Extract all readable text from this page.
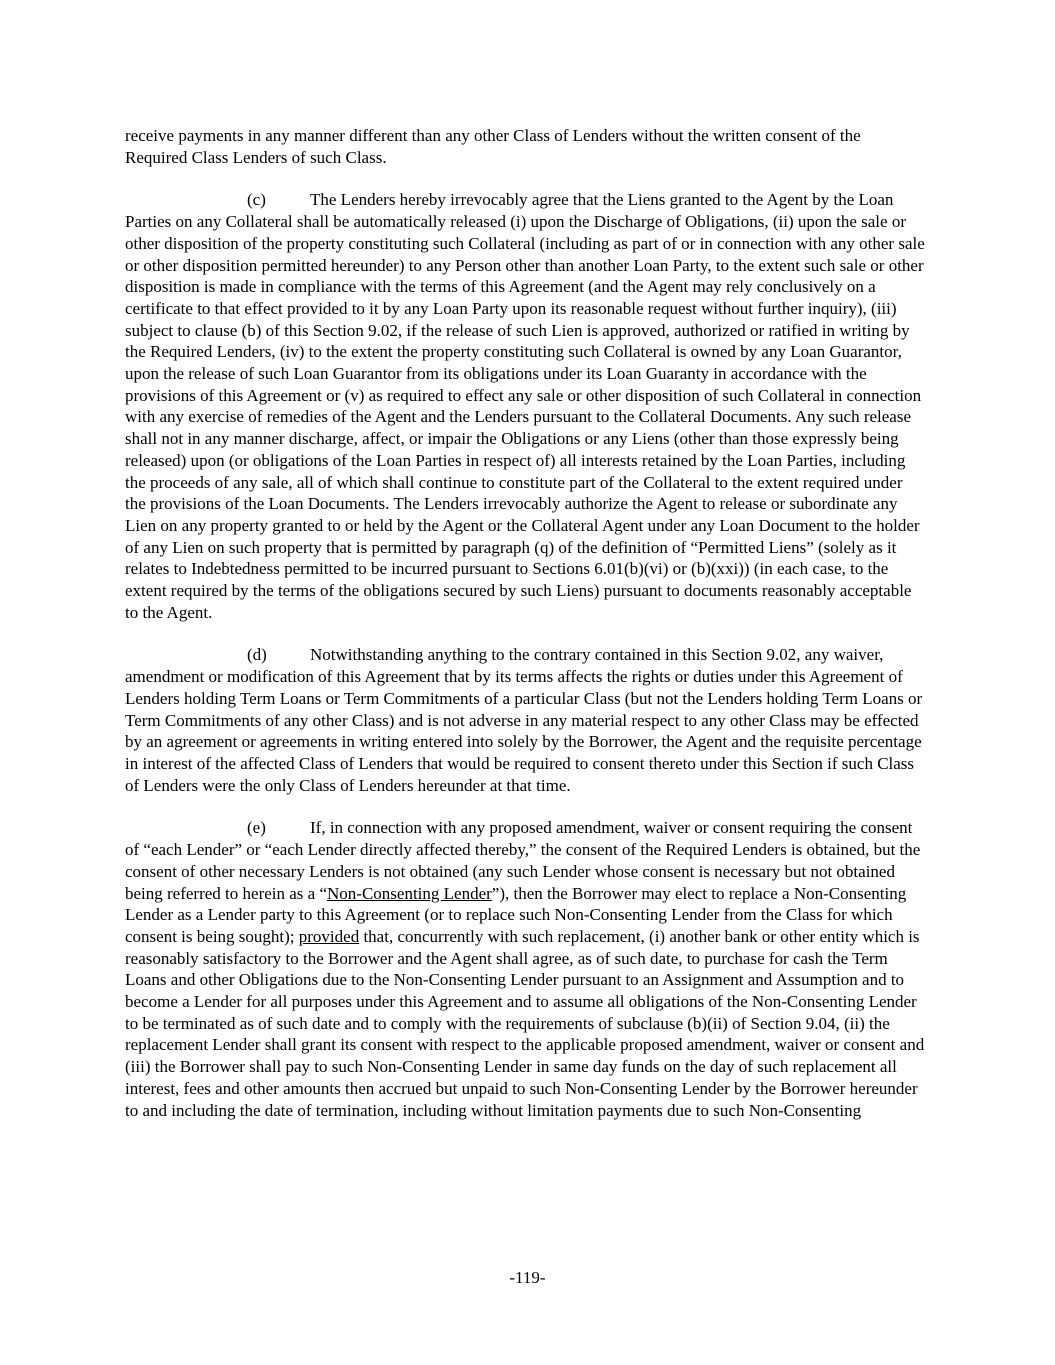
receive payments in any manner different than any other Class of Lenders without the written consent of the Required Class Lenders of such Class.

(c)	The Lenders hereby irrevocably agree that the Liens granted to the Agent by the Loan Parties on any Collateral shall be automatically released (i) upon the Discharge of Obligations, (ii) upon the sale or other disposition of the property constituting such Collateral (including as part of or in connection with any other sale or other disposition permitted hereunder) to any Person other than another Loan Party, to the extent such sale or other disposition is made in compliance with the terms of this Agreement (and the Agent may rely conclusively on a certificate to that effect provided to it by any Loan Party upon its reasonable request without further inquiry), (iii) subject to clause (b) of this Section 9.02, if the release of such Lien is approved, authorized or ratified in writing by the Required Lenders, (iv) to the extent the property constituting such Collateral is owned by any Loan Guarantor, upon the release of such Loan Guarantor from its obligations under its Loan Guaranty in accordance with the provisions of this Agreement or (v) as required to effect any sale or other disposition of such Collateral in connection with any exercise of remedies of the Agent and the Lenders pursuant to the Collateral Documents. Any such release shall not in any manner discharge, affect, or impair the Obligations or any Liens (other than those expressly being released) upon (or obligations of the Loan Parties in respect of) all interests retained by the Loan Parties, including the proceeds of any sale, all of which shall continue to constitute part of the Collateral to the extent required under the provisions of the Loan Documents. The Lenders irrevocably authorize the Agent to release or subordinate any Lien on any property granted to or held by the Agent or the Collateral Agent under any Loan Document to the holder of any Lien on such property that is permitted by paragraph (q) of the definition of “Permitted Liens” (solely as it relates to Indebtedness permitted to be incurred pursuant to Sections 6.01(b)(vi) or (b)(xxi)) (in each case, to the extent required by the terms of the obligations secured by such Liens) pursuant to documents reasonably acceptable to the Agent.

(d)	Notwithstanding anything to the contrary contained in this Section 9.02, any waiver, amendment or modification of this Agreement that by its terms affects the rights or duties under this Agreement of Lenders holding Term Loans or Term Commitments of a particular Class (but not the Lenders holding Term Loans or Term Commitments of any other Class) and is not adverse in any material respect to any other Class may be effected by an agreement or agreements in writing entered into solely by the Borrower, the Agent and the requisite percentage in interest of the affected Class of Lenders that would be required to consent thereto under this Section if such Class of Lenders were the only Class of Lenders hereunder at that time.

(e)	If, in connection with any proposed amendment, waiver or consent requiring the consent of “each Lender” or “each Lender directly affected thereby,” the consent of the Required Lenders is obtained, but the consent of other necessary Lenders is not obtained (any such Lender whose consent is necessary but not obtained being referred to herein as a “Non-Consenting Lender”), then the Borrower may elect to replace a Non-Consenting Lender as a Lender party to this Agreement (or to replace such Non-Consenting Lender from the Class for which consent is being sought); provided that, concurrently with such replacement, (i) another bank or other entity which is reasonably satisfactory to the Borrower and the Agent shall agree, as of such date, to purchase for cash the Term Loans and other Obligations due to the Non-Consenting Lender pursuant to an Assignment and Assumption and to become a Lender for all purposes under this Agreement and to assume all obligations of the Non-Consenting Lender to be terminated as of such date and to comply with the requirements of subclause (b)(ii) of Section 9.04, (ii) the replacement Lender shall grant its consent with respect to the applicable proposed amendment, waiver or consent and (iii) the Borrower shall pay to such Non-Consenting Lender in same day funds on the day of such replacement all interest, fees and other amounts then accrued but unpaid to such Non-Consenting Lender by the Borrower hereunder to and including the date of termination, including without limitation payments due to such Non-Consenting

-119-
